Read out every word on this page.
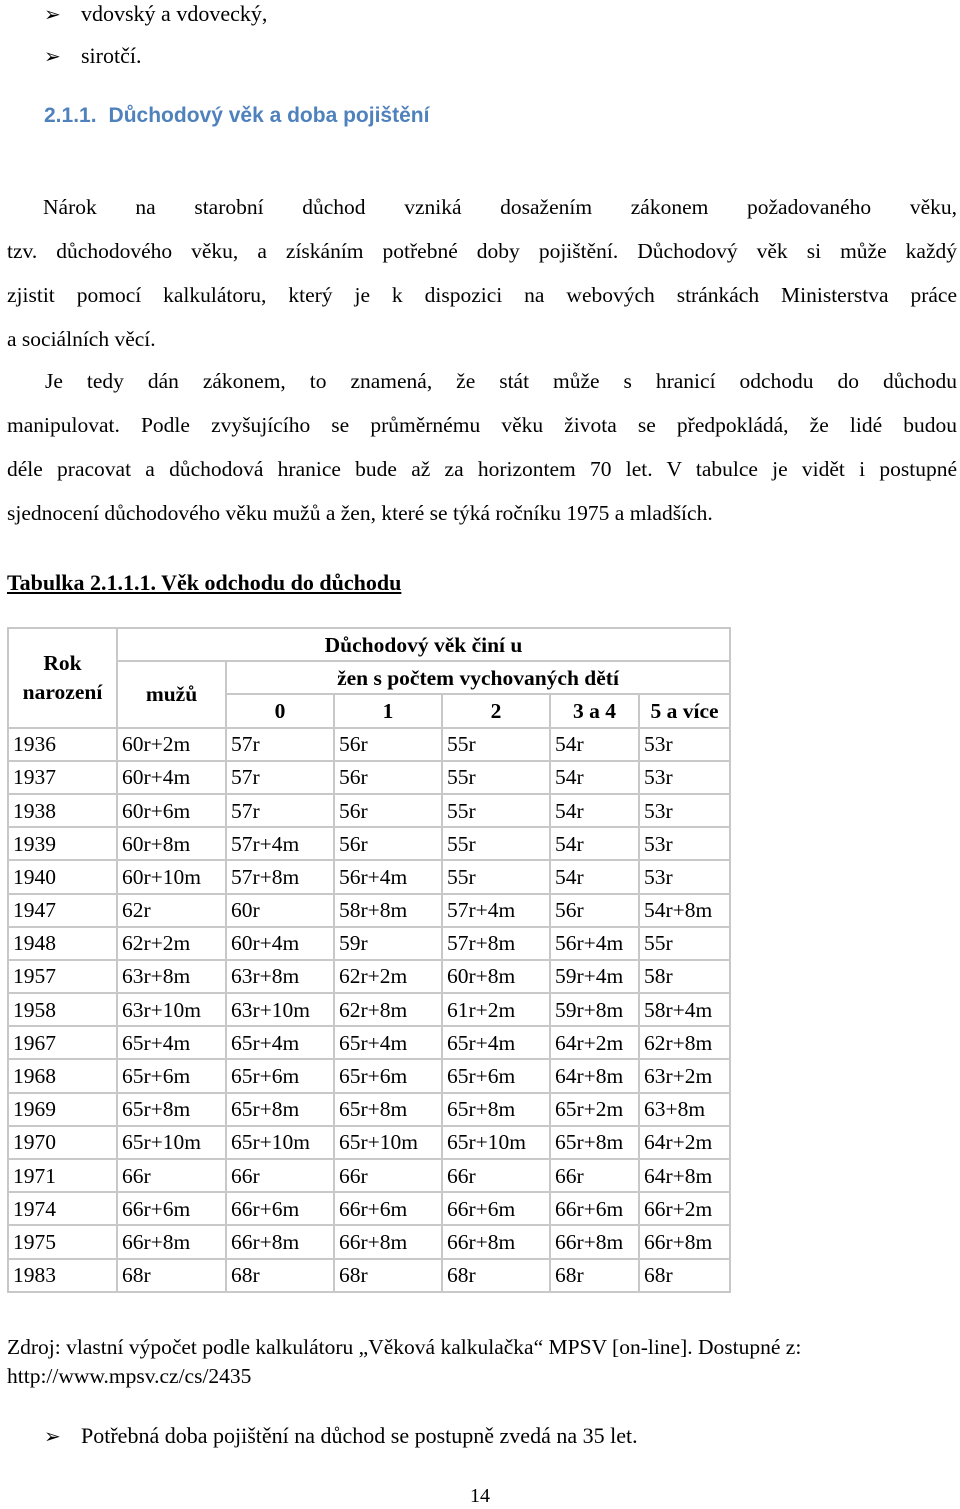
➢ vdovský a vdovecký,
➢ sirotčí.
2.1.1. Důchodový věk a doba pojištění
Nárok na starobní důchod vzniká dosažením zákonem požadovaného věku,
tzv. důchodového věku, a získáním potřebné doby pojištění. Důchodový věk si může každý
zjistit pomocí kalkulátoru, který je k dispozici na webových stránkách Ministerstva práce
a sociálních věcí.
Je tedy dán zákonem, to znamená, že stát může s hranicí odchodu do důchodu
manipulovat. Podle zvyšujícího se průměrnému věku života se předpokládá, že lidé budou
déle pracovat a důchodová hranice bude až za horizontem 70 let. V tabulce je vidět i postupné
sjednocení důchodového věku mužů a žen, které se týká ročníku 1975 a mladších.
Tabulka 2.1.1.1. Věk odchodu do důchodu
Rok narození	Důchodový věk činí u					
	mužů	žen s počtem vychovaných dětí				
		0	1	2	3 a 4	5 a více
1936	60r+2m	57r	56r	55r	54r	53r
1937	60r+4m	57r	56r	55r	54r	53r
1938	60r+6m	57r	56r	55r	54r	53r
1939	60r+8m	57r+4m	56r	55r	54r	53r
1940	60r+10m	57r+8m	56r+4m	55r	54r	53r
1947	62r	60r	58r+8m	57r+4m	56r	54r+8m
1948	62r+2m	60r+4m	59r	57r+8m	56r+4m	55r
1957	63r+8m	63r+8m	62r+2m	60r+8m	59r+4m	58r
1958	63r+10m	63r+10m	62r+8m	61r+2m	59r+8m	58r+4m
1967	65r+4m	65r+4m	65r+4m	65r+4m	64r+2m	62r+8m
1968	65r+6m	65r+6m	65r+6m	65r+6m	64r+8m	63r+2m
1969	65r+8m	65r+8m	65r+8m	65r+8m	65r+2m	63+8m
1970	65r+10m	65r+10m	65r+10m	65r+10m	65r+8m	64r+2m
1971	66r	66r	66r	66r	66r	64r+8m
1974	66r+6m	66r+6m	66r+6m	66r+6m	66r+6m	66r+2m
1975	66r+8m	66r+8m	66r+8m	66r+8m	66r+8m	66r+8m
1983	68r	68r	68r	68r	68r	68r
Zdroj: vlastní výpočet podle kalkulátoru „Věková kalkulačka“ MPSV [on-line]. Dostupné z: http://www.mpsv.cz/cs/2435
➢ Potřebná doba pojištění na důchod se postupně zvedá na 35 let.
14
